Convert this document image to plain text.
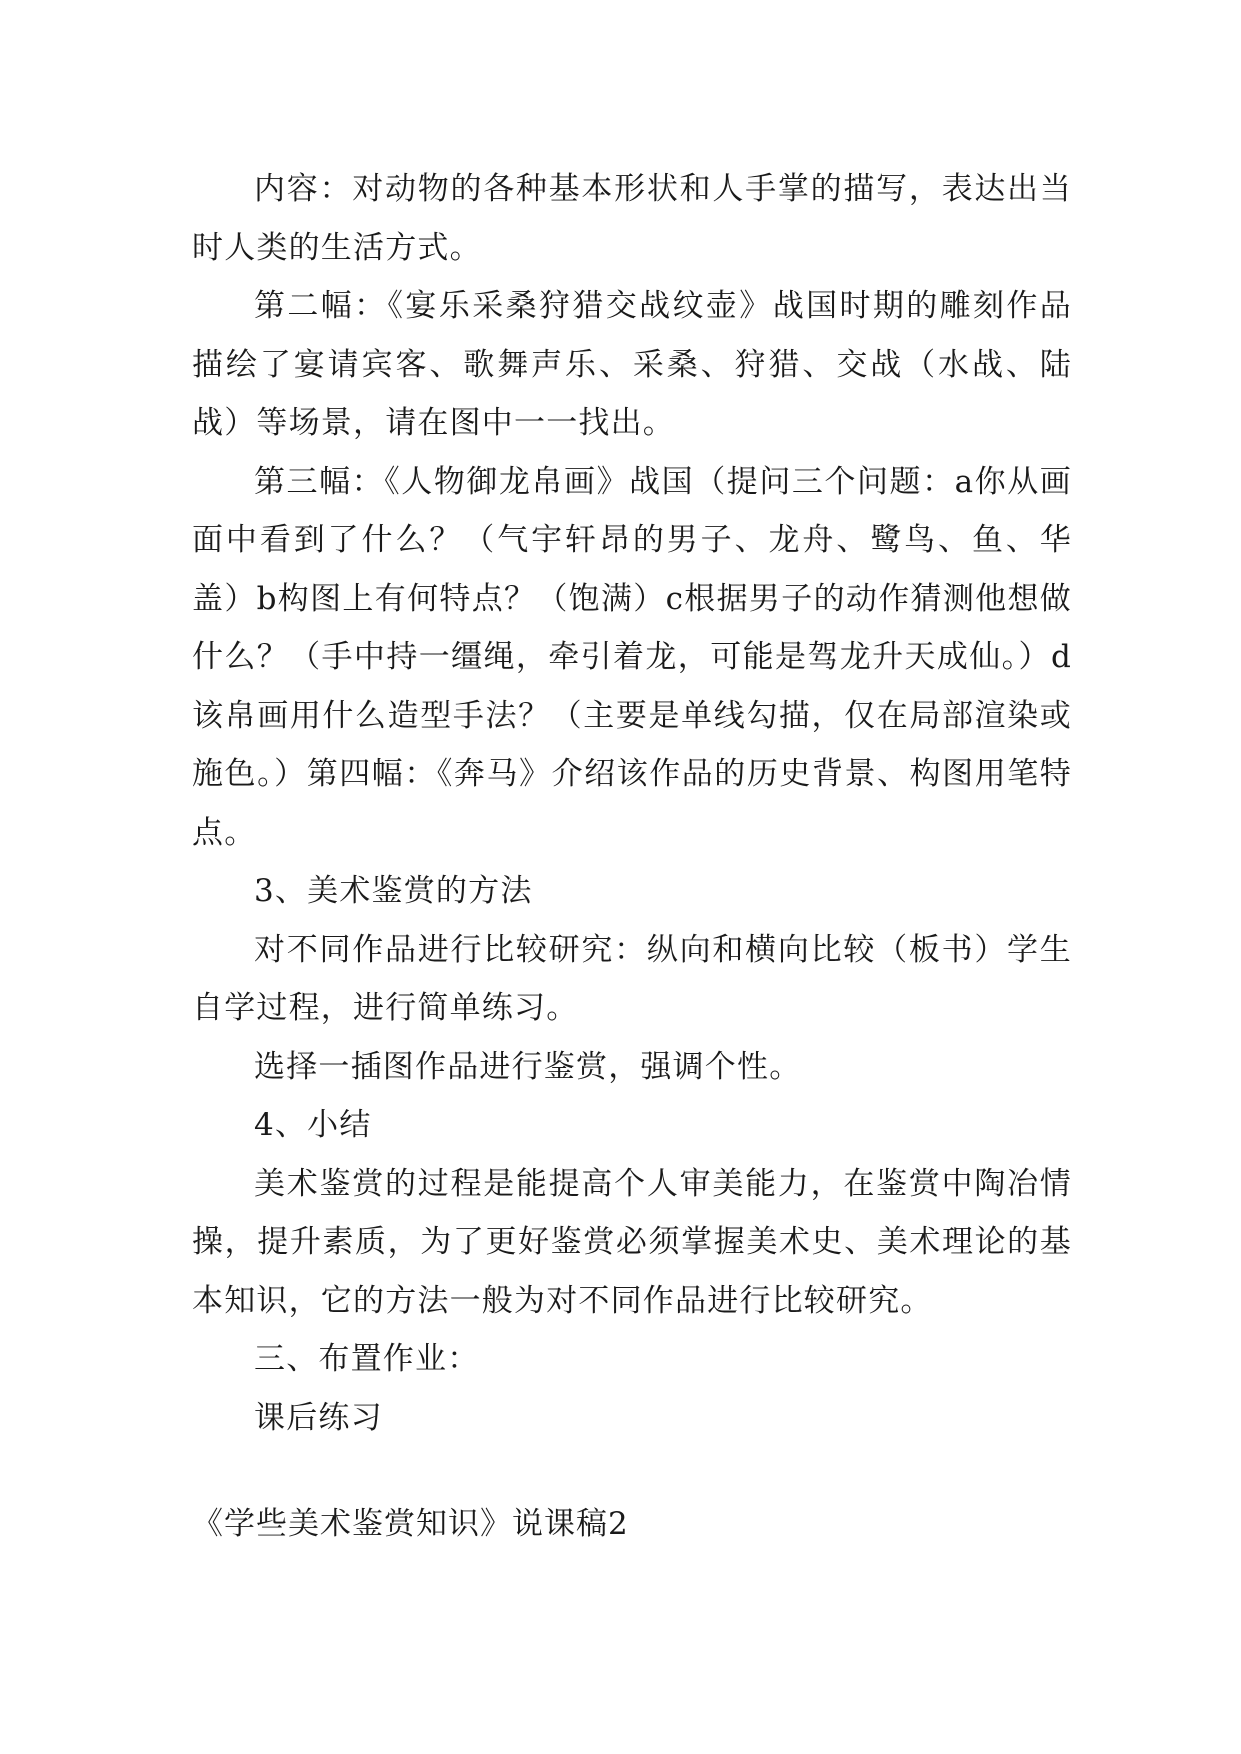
内容：对动物的各种基本形状和人手掌的描写，表达出当时人类的生活方式。

第二幅：《宴乐采桑狩猎交战纹壶》战国时期的雕刻作品描绘了宴请宾客、歌舞声乐、采桑、狩猎、交战（水战、陆战）等场景，请在图中一一找出。

第三幅：《人物御龙帛画》战国（提问三个问题：a你从画面中看到了什么？（气宇轩昂的男子、龙舟、鹭鸟、鱼、华盖）b构图上有何特点？（饱满）c根据男子的动作猜测他想做什么？（手中持一缰绳，牵引着龙，可能是驾龙升天成仙。）d该帛画用什么造型手法？（主要是单线勾描，仅在局部渲染或施色。）第四幅：《奔马》介绍该作品的历史背景、构图用笔特点。

3、美术鉴赏的方法

对不同作品进行比较研究：纵向和横向比较（板书）学生自学过程，进行简单练习。

选择一插图作品进行鉴赏，强调个性。

4、小结

美术鉴赏的过程是能提高个人审美能力，在鉴赏中陶冶情操，提升素质，为了更好鉴赏必须掌握美术史、美术理论的基本知识，它的方法一般为对不同作品进行比较研究。

三、布置作业：

课后练习

《学些美术鉴赏知识》说课稿2
